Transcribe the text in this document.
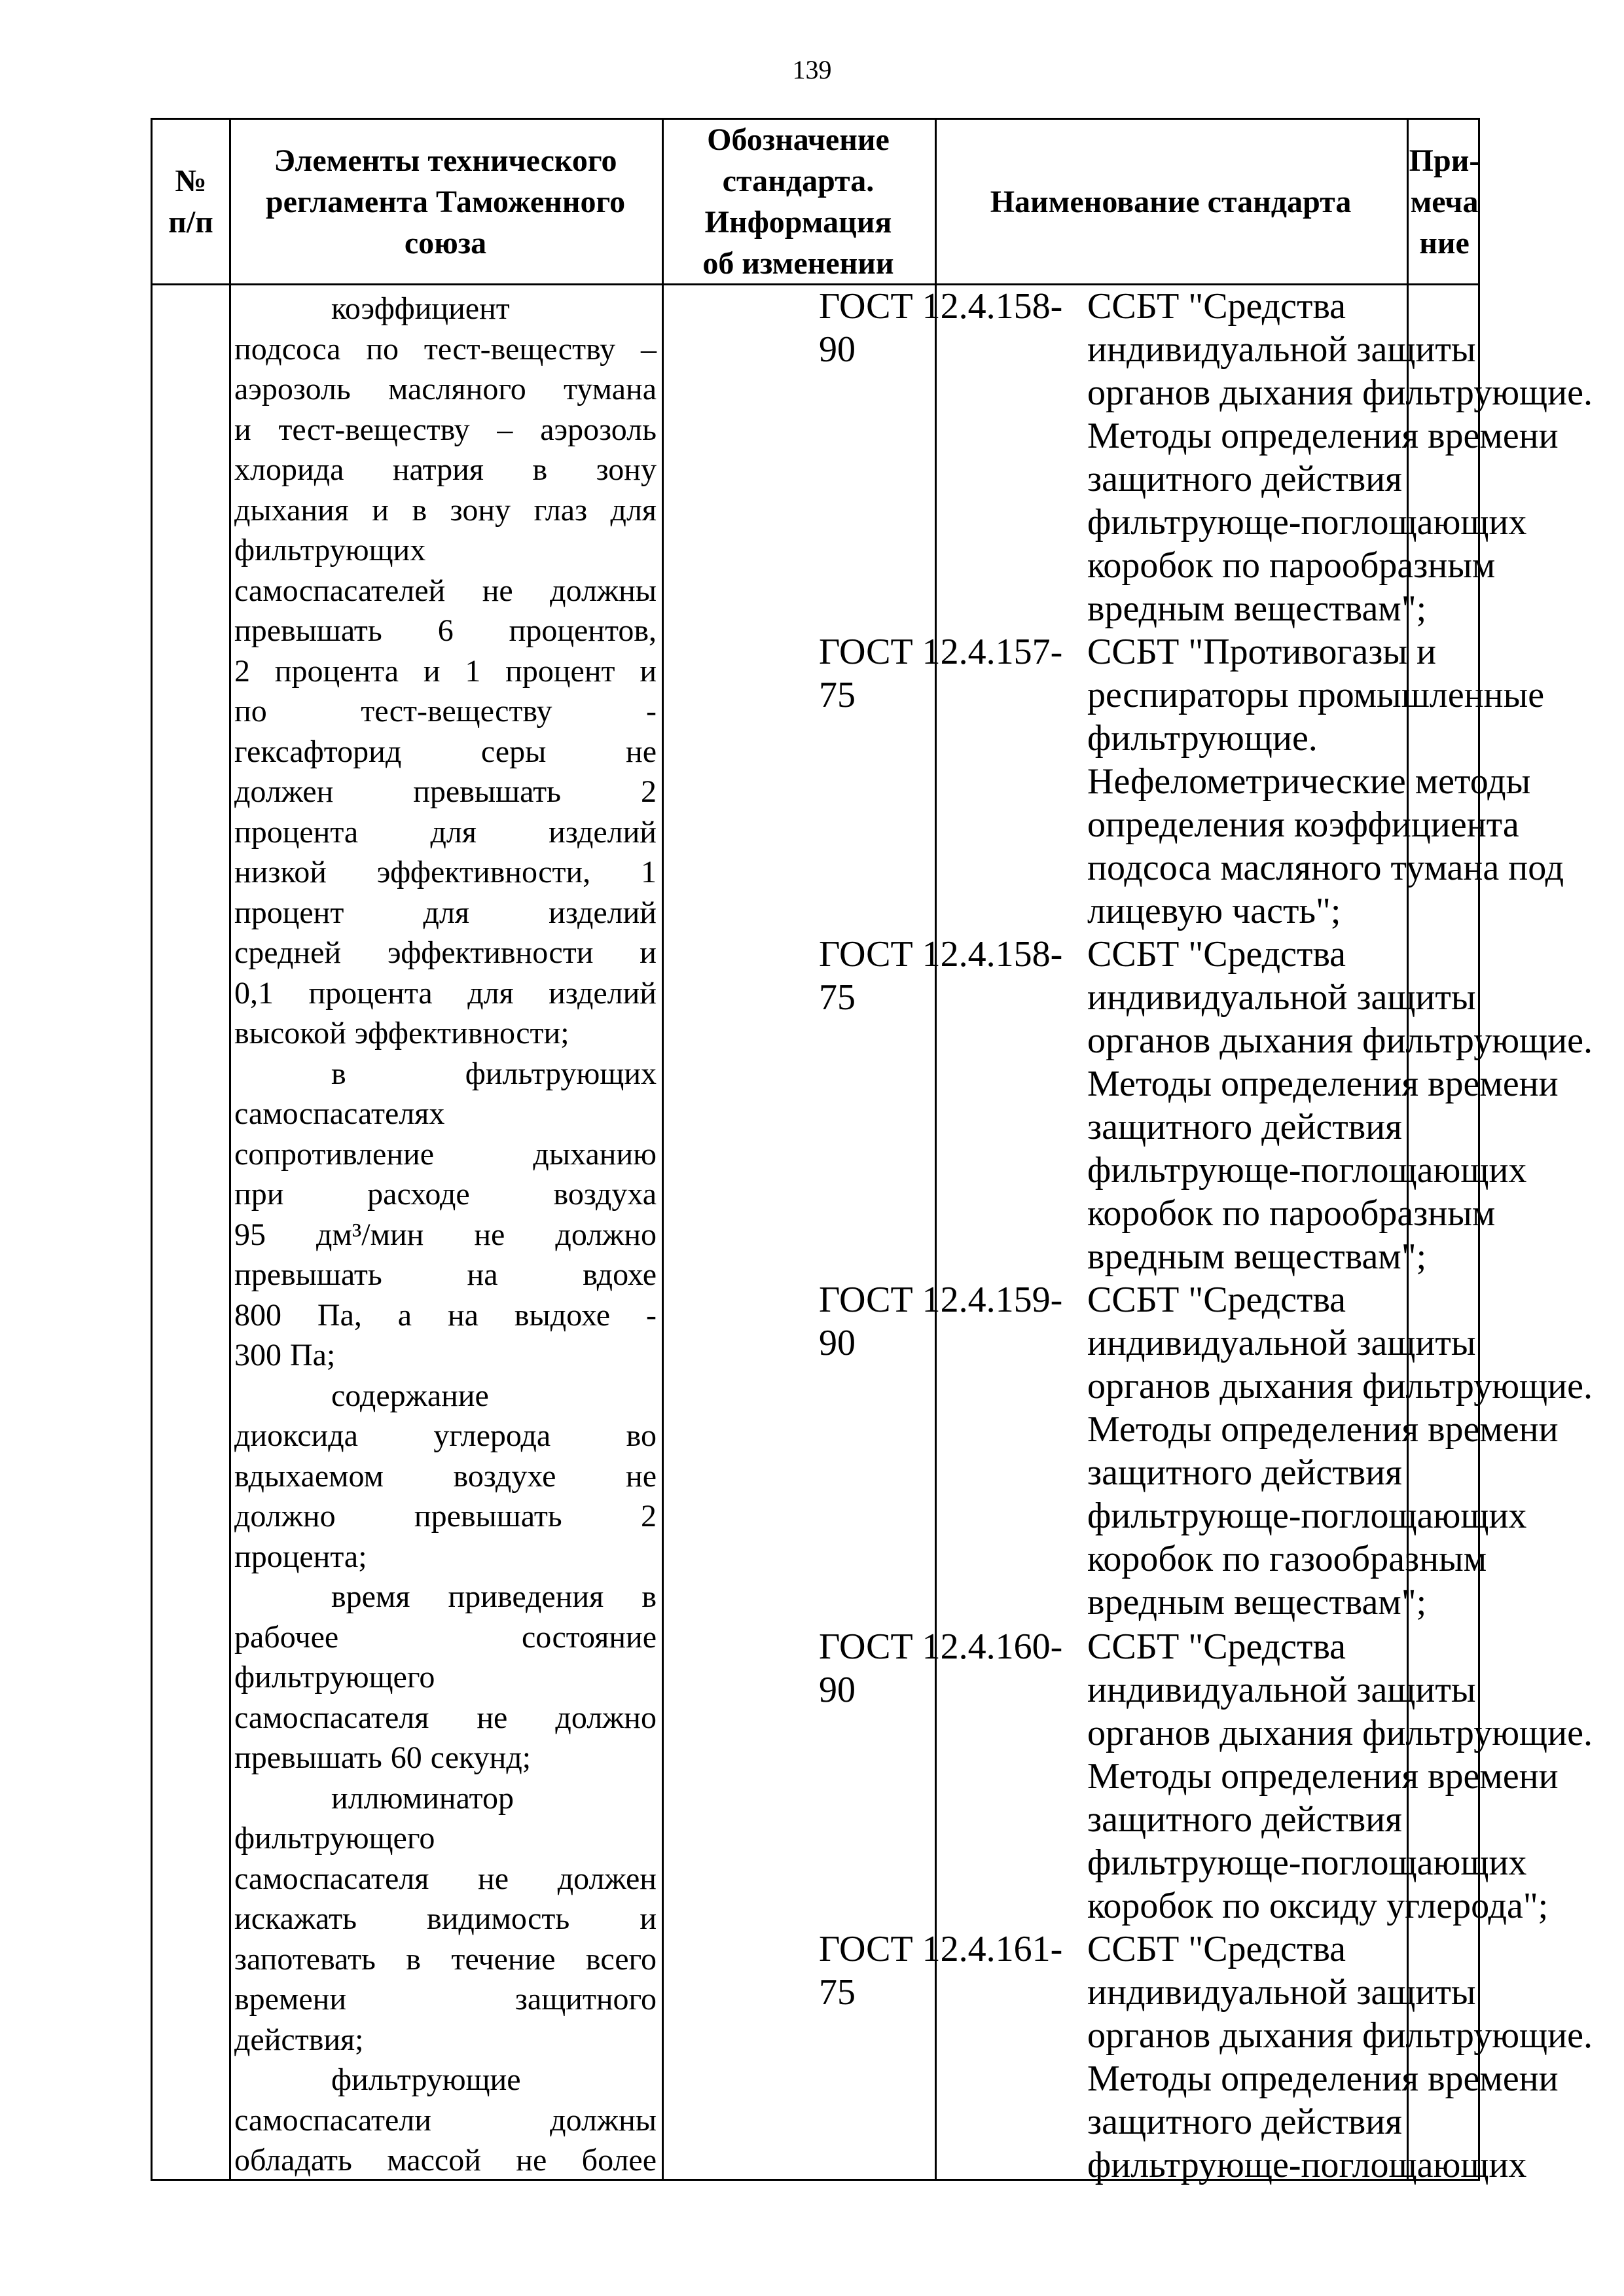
139
№
п/п
Элементы технического
регламента Таможенного
союза
Обозначение
стандарта.
Информация
об изменении
Наименование стандарта
При-
меча
ние
коэффициент
подсоса по тест-веществу –
аэрозоль масляного тумана
и тест-веществу – аэрозоль
хлорида натрия в зону
дыхания и в зону глаз для
фильтрующих
самоспасателей не должны
превышать 6 процентов,
2 процента и 1 процент и
по тест-веществу -
гексафторид серы не
должен превышать 2
процента для изделий
низкой эффективности, 1
процент для изделий
средней эффективности и
0,1 процента для изделий
высокой эффективности;
в фильтрующих
самоспасателях
сопротивление дыханию
при расходе воздуха
95 дм³/мин не должно
превышать на вдохе
800 Па, а на выдохе -
300 Па;
содержание
диоксида углерода во
вдыхаемом воздухе не
должно превышать 2
процента;
время приведения в
рабочее состояние
фильтрующего
самоспасателя не должно
превышать 60 секунд;
иллюминатор
фильтрующего
самоспасателя не должен
искажать видимость и
запотевать в течение всего
времени защитного
действия;
фильтрующие
самоспасатели должны
обладать массой не более
ГОСТ 12.4.158-
90
ССБТ "Средства
индивидуальной защиты
органов дыхания фильтрующие.
Методы определения времени
защитного действия
фильтрующе-поглощающих
коробок по парообразным
вредным веществам";
ГОСТ 12.4.157-
75
ССБТ "Противогазы и
респираторы промышленные
фильтрующие.
Нефелометрические методы
определения коэффициента
подсоса масляного тумана под
лицевую часть";
ГОСТ 12.4.158-
75
ССБТ "Средства
индивидуальной защиты
органов дыхания фильтрующие.
Методы определения времени
защитного действия
фильтрующе-поглощающих
коробок по парообразным
вредным веществам";
ГОСТ 12.4.159-
90
ССБТ "Средства
индивидуальной защиты
органов дыхания фильтрующие.
Методы определения времени
защитного действия
фильтрующе-поглощающих
коробок по газообразным
вредным веществам";
ГОСТ 12.4.160-
90
ССБТ "Средства
индивидуальной защиты
органов дыхания фильтрующие.
Методы определения времени
защитного действия
фильтрующе-поглощающих
коробок по оксиду углерода";
ГОСТ 12.4.161-
75
ССБТ "Средства
индивидуальной защиты
органов дыхания фильтрующие.
Методы определения времени
защитного действия
фильтрующе-поглощающих
